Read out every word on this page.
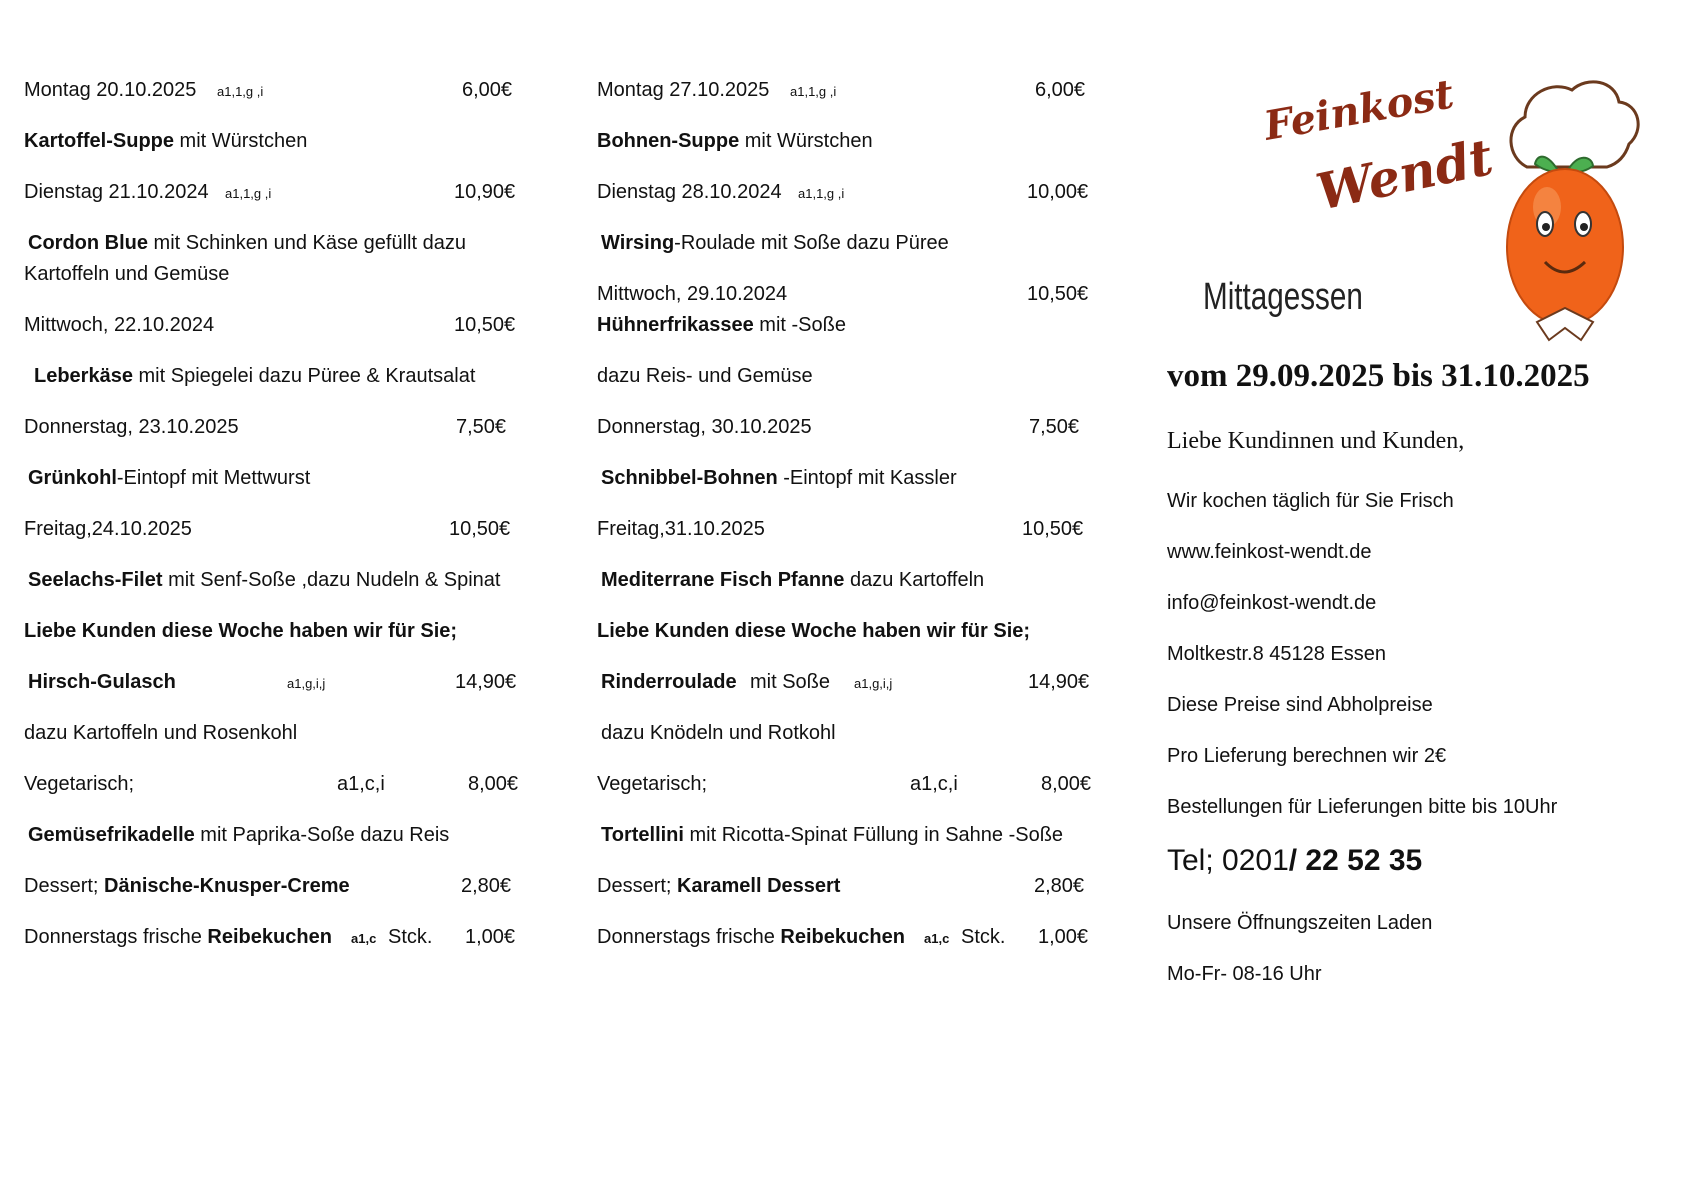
Montag 20.10.2025 a1,1,g ,i	6,00€
Kartoffel-Suppe mit Würstchen
Dienstag 21.10.2024 a1,1,g ,i	10,90€
Cordon Blue mit Schinken und Käse gefüllt dazu
Kartoffeln und Gemüse
Mittwoch, 22.10.2024	10,50€
Leberkäse mit Spiegelei dazu Püree & Krautsalat
Donnerstag, 23.10.2025	7,50€
Grünkohl-Eintopf mit Mettwurst
Freitag,24.10.2025	10,50€
Seelachs-Filet mit Senf-Soße ,dazu Nudeln & Spinat
Liebe Kunden diese Woche haben wir für Sie;
Hirsch-Gulasch	a1,g,i,j	14,90€
dazu Kartoffeln und Rosenkohl
Vegetarisch;	a1,c,i	8,00€
Gemüsefrikadelle mit Paprika-Soße dazu Reis
Dessert; Dänische-Knusper-Creme	2,80€
Donnerstags frische Reibekuchen a1,c Stck. 1,00€
Montag 27.10.2025 a1,1,g ,i	6,00€
Bohnen-Suppe mit Würstchen
Dienstag 28.10.2024 a1,1,g ,i	10,00€
Wirsing-Roulade mit Soße dazu Püree
Mittwoch, 29.10.2024	10,50€
Hühnerfrikassee mit -Soße
dazu Reis- und Gemüse
Donnerstag, 30.10.2025	7,50€
Schnibbel-Bohnen -Eintopf mit Kassler
Freitag,31.10.2025	10,50€
Mediterrane Fisch Pfanne dazu Kartoffeln
Liebe Kunden diese Woche haben wir für Sie;
Rinderroulade mit Soße a1,g,i,j	14,90€
dazu Knödeln und Rotkohl
Vegetarisch;	a1,c,i	8,00€
Tortellini mit Ricotta-Spinat Füllung in Sahne -Soße
Dessert; Karamell Dessert	2,80€
Donnerstags frische Reibekuchen a1,c Stck. 1,00€
Feinkost
Wendt
Mittagessen
vom 29.09.2025 bis 31.10.2025
Liebe Kundinnen und Kunden,
Wir kochen täglich für Sie Frisch
www.feinkost-wendt.de
info@feinkost-wendt.de
Moltkestr.8 45128 Essen
Diese Preise sind Abholpreise
Pro Lieferung berechnen wir 2€
Bestellungen für Lieferungen bitte bis 10Uhr
Tel; 0201/ 22 52 35
Unsere Öffnungszeiten Laden
Mo-Fr- 08-16 Uhr
